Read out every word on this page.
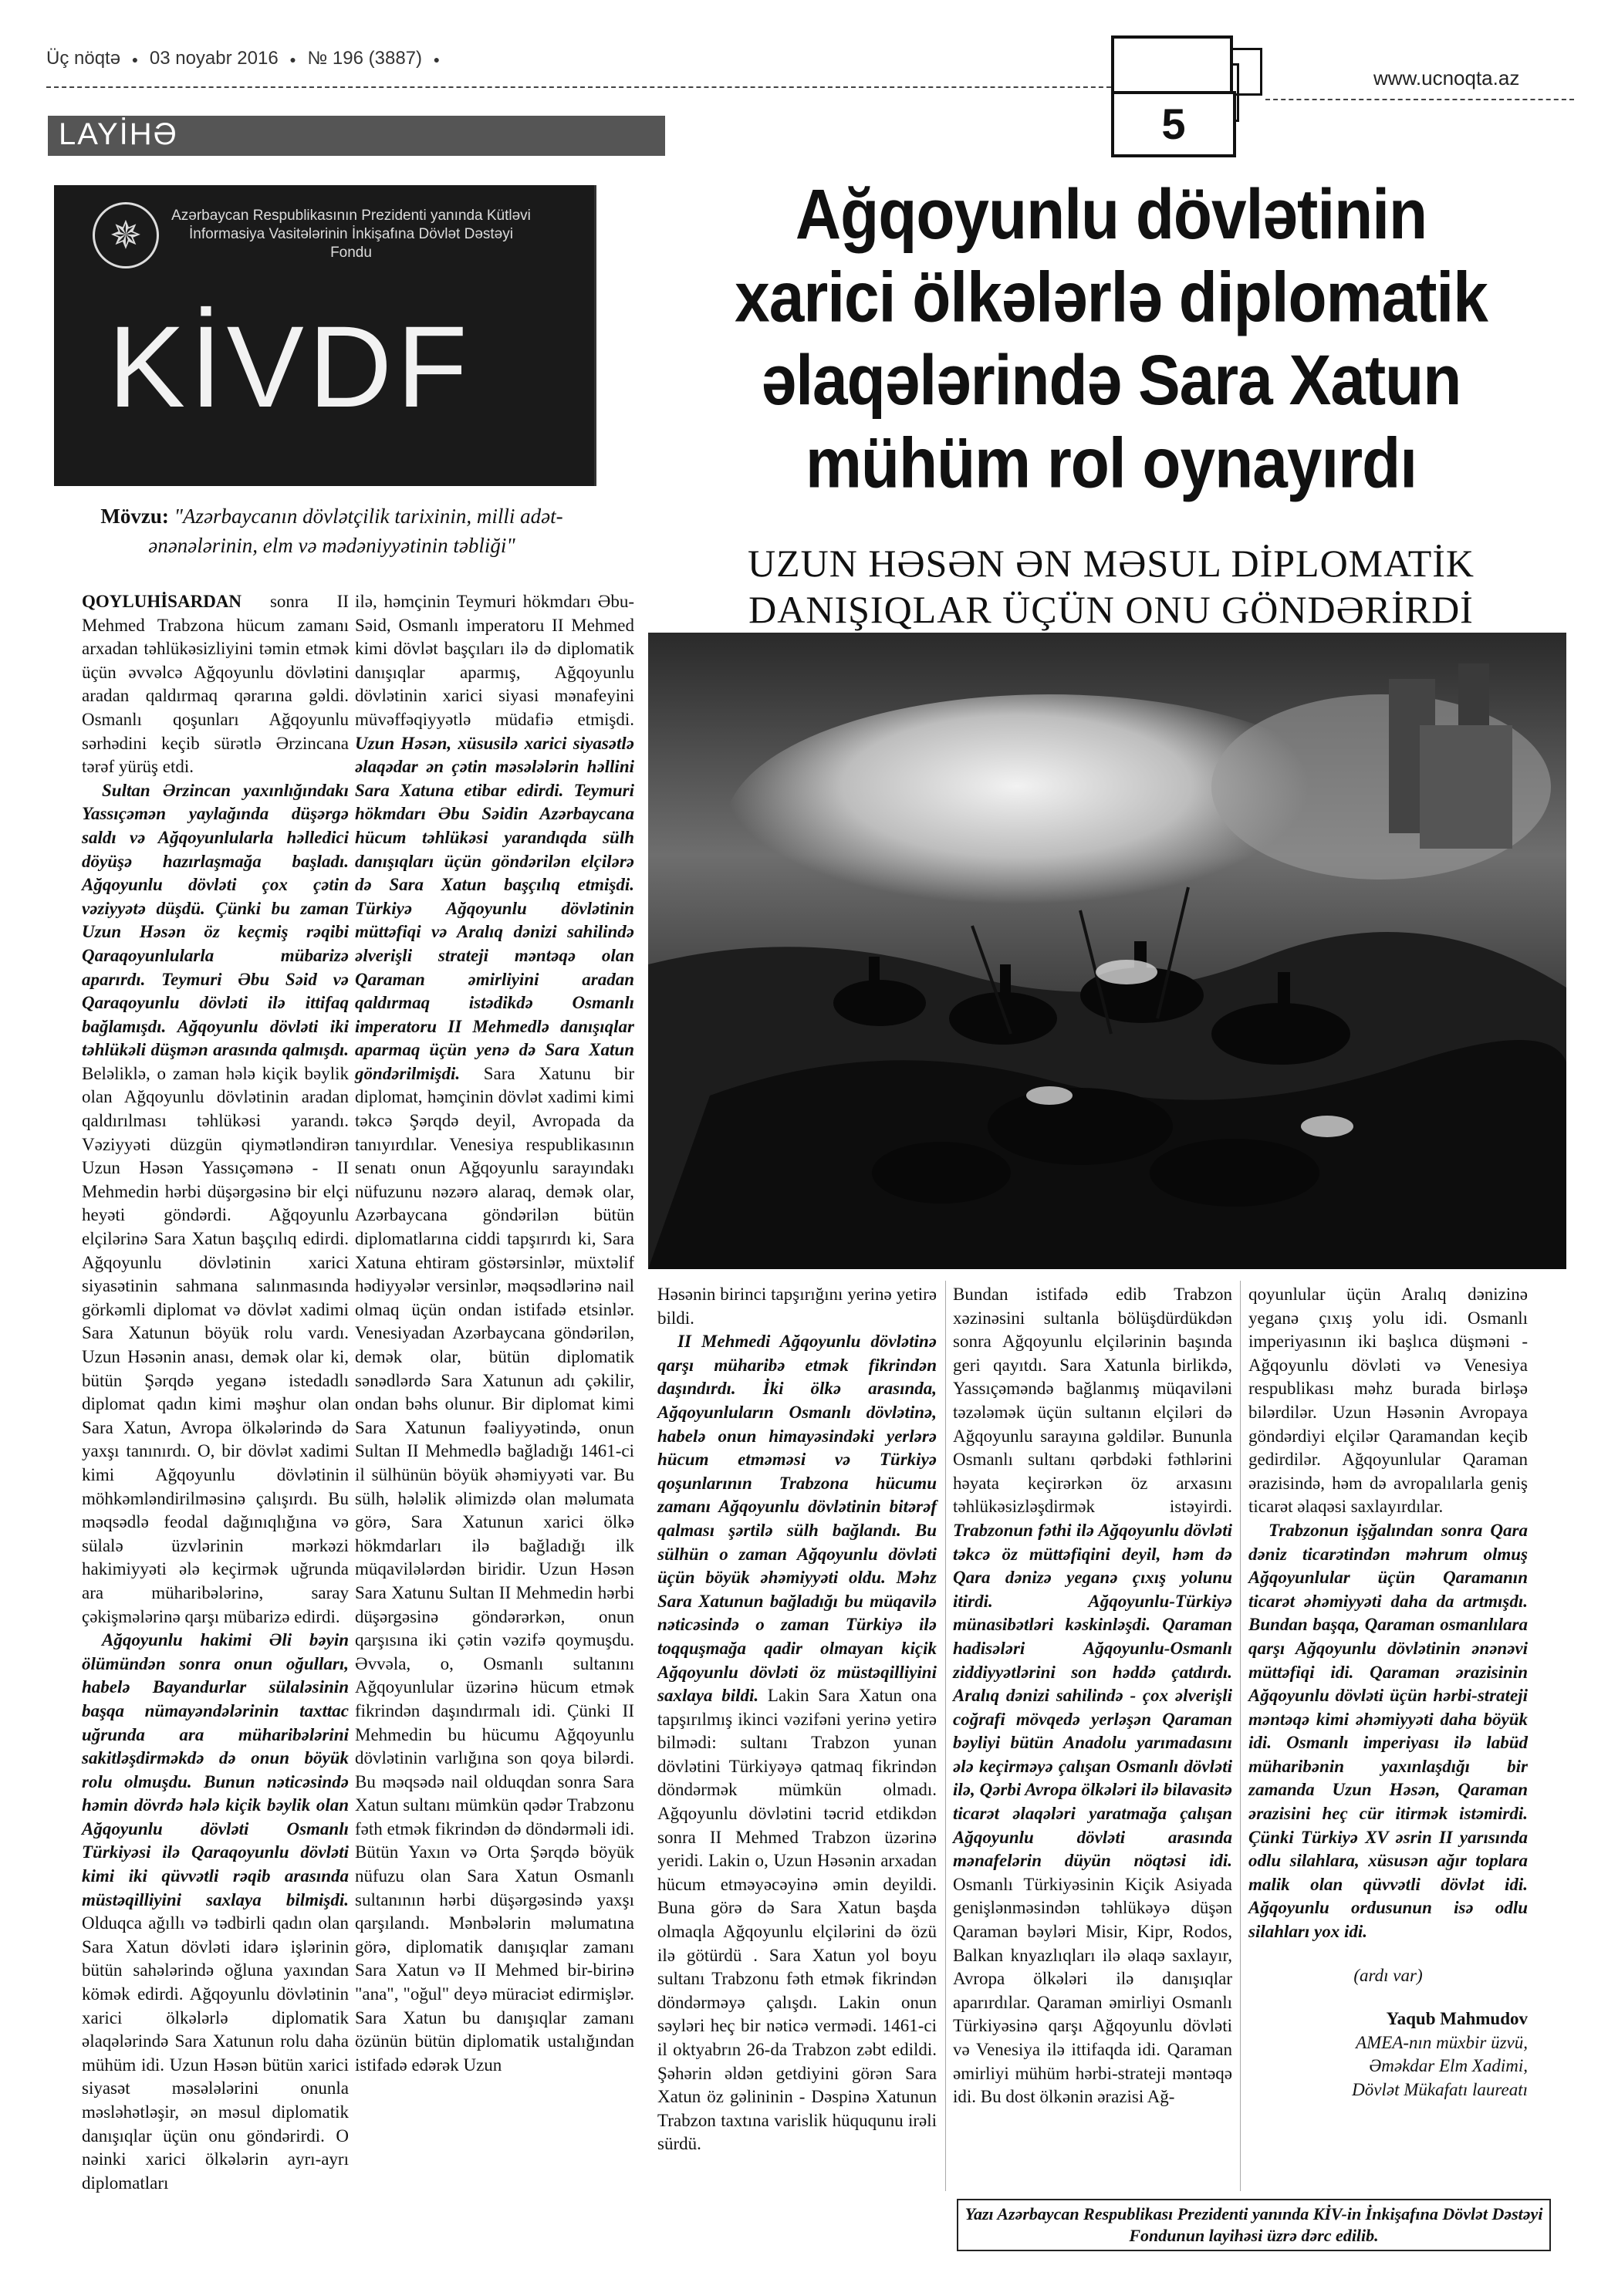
Üç nöqtə ● 03 noyabr 2016 ● № 196 (3887) ●
www.ucnoqta.az
5
LAYİHƏ
✵	Azərbaycan Respublikasının Prezidenti yanında Kütləvi İnformasiya Vasitələrinin İnkişafına Dövlət Dəstəyi Fondu
KİVDF
Mövzu: "Azərbaycanın dövlətçilik tarixinin, milli adət-ənənələrinin, elm və mədəniyyətinin təbliği"
Ağqoyunlu dövlətinin
xarici ölkələrlə diplomatik
əlaqələrində Sara Xatun
mühüm rol oynayırdı
UZUN HƏSƏN ƏN MƏSUL DİPLOMATİK
DANIŞIQLAR ÜÇÜN ONU GÖNDƏRİRDİ

QOYLUHİSARDAN sonra II Mehmed Trabzona hücum zamanı arxadan təhlükəsizliyini təmin etmək üçün əvvəlcə Ağqoyunlu dövlətini aradan qaldırmaq qərarına gəldi. Osmanlı qoşunları Ağqoyunlu sərhədini keçib sürətlə Ərzincana tərəf yürüş etdi.

Sultan Ərzincan yaxınlığındakı Yassıçəmən yaylağında düşərgə saldı və Ağqoyunlularla həlledici döyüşə hazırlaşmağa başladı. Ağqoyunlu dövləti çox çətin vəziyyətə düşdü. Çünki bu zaman Uzun Həsən öz keçmiş rəqibi Qaraqoyunlularla mübarizə aparırdı. Teymuri Əbu Səid və Qaraqoyunlu dövləti ilə ittifaq bağlamışdı. Ağqoyunlu dövləti iki təhlükəli düşmən arasında qalmışdı. Beləliklə, o zaman hələ kiçik bəylik olan Ağqoyunlu dövlətinin aradan qaldırılması təhlükəsi yarandı. Vəziyyəti düzgün qiymətləndirən Uzun Həsən Yassıçəmənə - II Mehmedin hərbi düşərgəsinə bir elçi heyəti göndərdi. Ağqoyunlu elçilərinə Sara Xatun başçılıq edirdi. Ağqoyunlu dövlətinin xarici siyasətinin sahmana salınmasında görkəmli diplomat və dövlət xadimi Sara Xatunun böyük rolu vardı. Uzun Həsənin anası, demək olar ki, bütün Şərqdə yeganə istedadlı diplomat qadın kimi məşhur olan Sara Xatun, Avropa ölkələrində də yaxşı tanınırdı. O, bir dövlət xadimi kimi Ağqoyunlu dövlətinin möhkəmləndirilməsinə çalışırdı. Bu məqsədlə feodal dağınıqlığına və sülalə üzvlərinin mərkəzi hakimiyyəti ələ keçirmək uğrunda ara müharibələrinə, saray çəkişmələrinə qarşı mübarizə edirdi.

Ağqoyunlu hakimi Əli bəyin ölümündən sonra onun oğulları, habelə Bayandurlar sülaləsinin başqa nümayəndələrinin taxttac uğrunda ara müharibələrini sakitləşdirməkdə də onun böyük rolu olmuşdu. Bunun nəticəsində həmin dövrdə hələ kiçik bəylik olan Ağqoyunlu dövləti Osmanlı Türkiyəsi ilə Qaraqoyunlu dövləti kimi iki qüvvətli rəqib arasında müstəqilliyini saxlaya bilmişdi. Olduqca ağıllı və tədbirli qadın olan Sara Xatun dövləti idarə işlərinin bütün sahələrində oğluna yaxından kömək edirdi. Ağqoyunlu dövlətinin xarici ölkələrlə diplomatik əlaqələrində Sara Xatunun rolu daha mühüm idi. Uzun Həsən bütün xarici siyasət məsələlərini onunla məsləhətləşir, ən məsul diplomatik danışıqlar üçün onu göndərirdi. O nəinki xarici ölkələrin ayrı-ayrı diplomatları

ilə, həmçinin Teymuri hökmdarı Əbu-Səid, Osmanlı imperatoru II Mehmed kimi dövlət başçıları ilə də diplomatik danışıqlar aparmış, Ağqoyunlu dövlətinin xarici siyasi mənafeyini müvəffəqiyyətlə müdafiə etmişdi. Uzun Həsən, xüsusilə xarici siyasətlə əlaqədar ən çətin məsələlərin həllini Sara Xatuna etibar edirdi. Teymuri hökmdarı Əbu Səidin Azərbaycana hücum təhlükəsi yarandıqda sülh danışıqları üçün göndərilən elçilərə də Sara Xatun başçılıq etmişdi. Türkiyə Ağqoyunlu dövlətinin müttəfiqi və Aralıq dənizi sahilində əlverişli strateji məntəqə olan Qaraman əmirliyini aradan qaldırmaq istədikdə Osmanlı imperatoru II Mehmedlə danışıqlar aparmaq üçün yenə də Sara Xatun göndərilmişdi. Sara Xatunu bir diplomat, həmçinin dövlət xadimi kimi təkcə Şərqdə deyil, Avropada da tanıyırdılar. Venesiya respublikasının senatı onun Ağqoyunlu sarayındakı nüfuzunu nəzərə alaraq, demək olar, Azərbaycana göndərilən bütün diplomatlarına ciddi tapşırırdı ki, Sara Xatuna ehtiram göstərsinlər, müxtəlif hədiyyələr versinlər, məqsədlərinə nail olmaq üçün ondan istifadə etsinlər. Venesiyadan Azərbaycana göndərilən, demək olar, bütün diplomatik sənədlərdə Sara Xatunun adı çəkilir, ondan bəhs olunur. Bir diplomat kimi Sara Xatunun fəaliyyətində, onun Sultan II Mehmedlə bağladığı 1461-ci il sülhünün böyük əhəmiyyəti var. Bu sülh, hələlik əlimizdə olan məlumata görə, Sara Xatunun xarici ölkə hökmdarları ilə bağladığı ilk müqavilələrdən biridir. Uzun Həsən Sara Xatunu Sultan II Mehmedin hərbi düşərgəsinə göndərərkən, onun qarşısına iki çətin vəzifə qoymuşdu. Əvvəla, o, Osmanlı sultanını Ağqoyunlular üzərinə hücum etmək fikrindən daşındırmalı idi. Çünki II Mehmedin bu hücumu Ağqoyunlu dövlətinin varlığına son qoya bilərdi. Bu məqsədə nail olduqdan sonra Sara Xatun sultanı mümkün qədər Trabzonu fəth etmək fikrindən də döndərməli idi. Bütün Yaxın və Orta Şərqdə böyük nüfuzu olan Sara Xatun Osmanlı sultanının hərbi düşərgəsində yaxşı qarşılandı. Mənbələrin məlumatına görə, diplomatik danışıqlar zamanı Sara Xatun və II Mehmed bir-birinə "ana", "oğul" deyə müraciət edirmişlər. Sara Xatun bu danışıqlar zamanı özünün bütün diplomatik ustalığından istifadə edərək Uzun

Həsənin birinci tapşırığını yerinə yetirə bildi.

II Mehmedi Ağqoyunlu dövlətinə qarşı müharibə etmək fikrindən daşındırdı. İki ölkə arasında, Ağqoyunluların Osmanlı dövlətinə, habelə onun himayəsindəki yerlərə hücum etməməsi və Türkiyə qoşunlarının Trabzona hücumu zamanı Ağqoyunlu dövlətinin bitərəf qalması şərtilə sülh bağlandı. Bu sülhün o zaman Ağqoyunlu dövləti üçün böyük əhəmiyyəti oldu. Məhz Sara Xatunun bağladığı bu müqavilə nəticəsində o zaman Türkiyə ilə toqquşmağa qadir olmayan kiçik Ağqoyunlu dövləti öz müstəqilliyini saxlaya bildi. Lakin Sara Xatun ona tapşırılmış ikinci vəzifəni yerinə yetirə bilmədi: sultanı Trabzon yunan dövlətini Türkiyəyə qatmaq fikrindən döndərmək mümkün olmadı. Ağqoyunlu dövlətini təcrid etdikdən sonra II Mehmed Trabzon üzərinə yeridi. Lakin o, Uzun Həsənin arxadan hücum etməyəcəyinə əmin deyildi. Buna görə də Sara Xatun başda olmaqla Ağqoyunlu elçilərini də özü ilə götürdü . Sara Xatun yol boyu sultanı Trabzonu fəth etmək fikrindən döndərməyə çalışdı. Lakin onun səyləri heç bir nəticə vermədi. 1461-ci il oktyabrın 26-da Trabzon zəbt edildi. Şəhərin əldən getdiyini görən Sara Xatun öz gəlininin - Dəspinə Xatunun Trabzon taxtına varislik hüququnu irəli sürdü.

Bundan istifadə edib Trabzon xəzinəsini sultanla bölüşdürdükdən sonra Ağqoyunlu elçilərinin başında geri qayıtdı. Sara Xatunla birlikdə, Yassıçəməndə bağlanmış müqaviləni təzələmək üçün sultanın elçiləri də Ağqoyunlu sarayına gəldilər. Bununla Osmanlı sultanı qərbdəki fəthlərini həyata keçirərkən öz arxasını təhlükəsizləşdirmək istəyirdi. Trabzonun fəthi ilə Ağqoyunlu dövləti təkcə öz müttəfiqini deyil, həm də Qara dənizə yeganə çıxış yolunu itirdi. Ağqoyunlu-Türkiyə münasibətləri kəskinləşdi. Qaraman hadisələri Ağqoyunlu-Osmanlı ziddiyyətlərini son həddə çatdırdı. Aralıq dənizi sahilində - çox əlverişli coğrafi mövqedə yerləşən Qaraman bəyliyi bütün Anadolu yarımadasını ələ keçirməyə çalışan Osmanlı dövləti ilə, Qərbi Avropa ölkələri ilə bilavasitə ticarət əlaqələri yaratmağa çalışan Ağqoyunlu dövləti arasında mənafelərin düyün nöqtəsi idi. Osmanlı Türkiyəsinin Kiçik Asiyada genişlənməsindən təhlükəyə düşən Qaraman bəyləri Misir, Kipr, Rodos, Balkan knyazlıqları ilə əlaqə saxlayır, Avropa ölkələri ilə danışıqlar aparırdılar. Qaraman əmirliyi Osmanlı Türkiyəsinə qarşı Ağqoyunlu dövləti və Venesiya ilə ittifaqda idi. Qaraman əmirliyi mühüm hərbi-strateji məntəqə idi. Bu dost ölkənin ərazisi Ağ-

qoyunlular üçün Aralıq dənizinə yeganə çıxış yolu idi. Osmanlı imperiyasının iki başlıca düşməni - Ağqoyunlu dövləti və Venesiya respublikası məhz burada birləşə bilərdilər. Uzun Həsənin Avropaya göndərdiyi elçilər Qaramandan keçib gedirdilər. Ağqoyunlular Qaraman ərazisində, həm də avropalılarla geniş ticarət əlaqəsi saxlayırdılar.

Trabzonun işğalından sonra Qara dəniz ticarətindən məhrum olmuş Ağqoyunlular üçün Qaramanın ticarət əhəmiyyəti daha da artmışdı. Bundan başqa, Qaraman osmanlılara qarşı Ağqoyunlu dövlətinin ənənəvi müttəfiqi idi. Qaraman ərazisinin Ağqoyunlu dövləti üçün hərbi-strateji məntəqə kimi əhəmiyyəti daha böyük idi. Osmanlı imperiyası ilə labüd müharibənin yaxınlaşdığı bir zamanda Uzun Həsən, Qaraman ərazisini heç cür itirmək istəmirdi. Çünki Türkiyə XV əsrin II yarısında odlu silahlara, xüsusən ağır toplara malik olan qüvvətli dövlət idi. Ağqoyunlu ordusunun isə odlu silahları yox idi.

(ardı var)

Yaqub Mahmudov
AMEA-nın müxbir üzvü,
Əməkdar Elm Xadimi,
Dövlət Mükafatı laureatı
Yazı Azərbaycan Respublikası Prezidenti yanında KİV-in İnkişafına Dövlət Dəstəyi Fondunun layihəsi üzrə dərc edilib.
